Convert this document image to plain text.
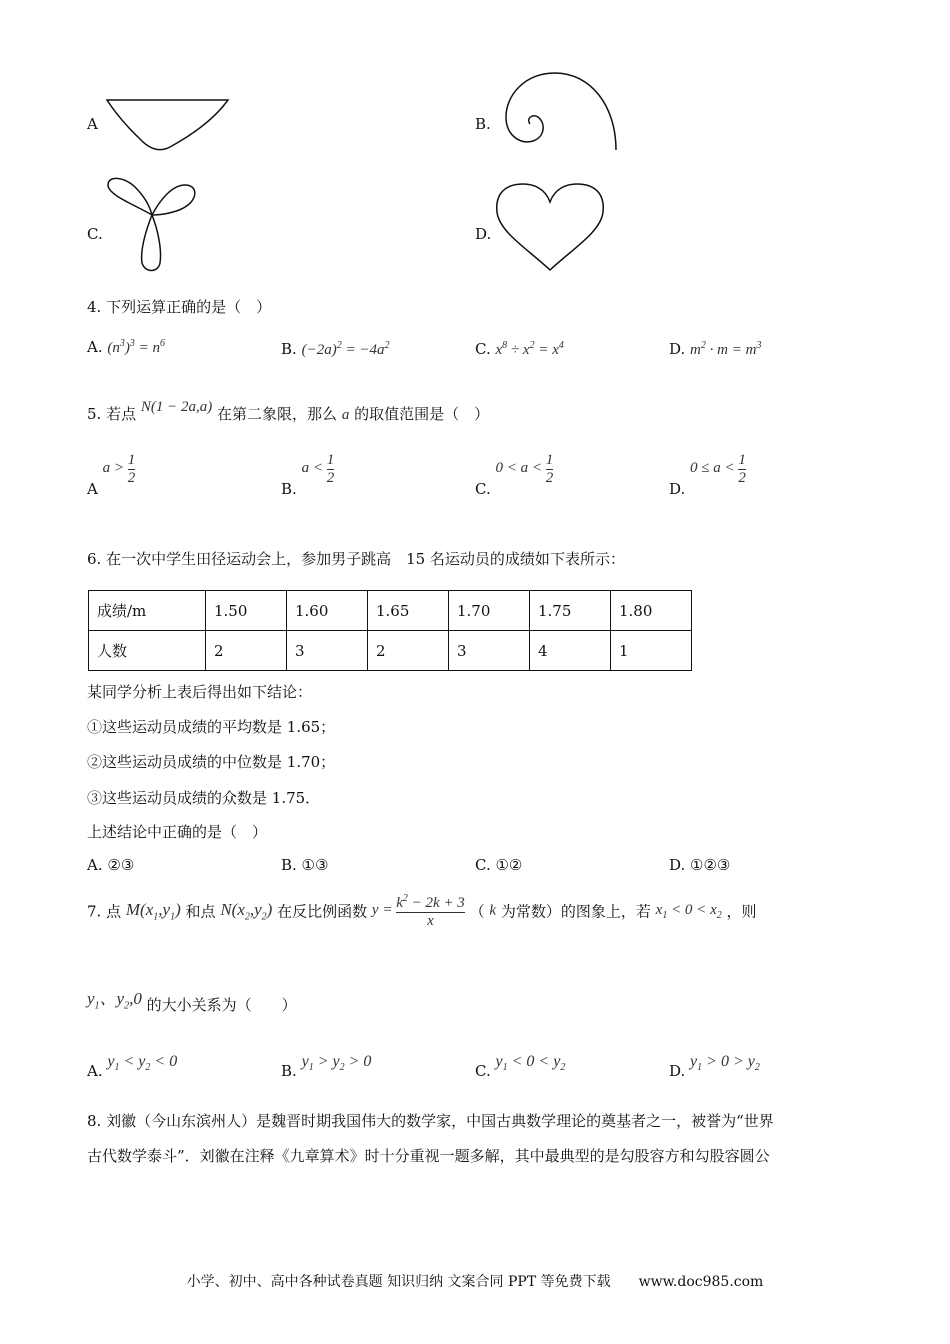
A	B.
C.	D.
4. 下列运算正确的是（　）
A. $(n^3)^3 = n^6$	B. $(-2a)^2 = -4a^2$	C. $x^8 \div x^2 = x^4$	D. $m^2 \cdot m = m^3$
5. 若点 N(1 − 2a,a) 在第二象限，那么 a 的取值范围是（　）
A $a > \frac{1}{2}$
B. $a < \frac{1}{2}$
C. $0 < a < \frac{1}{2}$
D. $0 \le a < \frac{1}{2}$
6. 在一次中学生田径运动会上，参加男子跳高　15 名运动员的成绩如下表所示：
成绩/m	1.50	1.60	1.65	1.70	1.75	1.80
人数	2	3	2	3	4	1
某同学分析上表后得出如下结论：
①这些运动员成绩的平均数是 1.65；
②这些运动员成绩的中位数是 1.70；
③这些运动员成绩的众数是 1.75．
上述结论中正确的是（　）
A. ②③	B. ①③	C. ①②	D. ①②③
7. 点 $M(x_1,y_1)$ 和点 $N(x_2,y_2)$ 在反比例函数 $y = \frac{k^2 - 2k + 3}{x}$ （ k 为常数）的图象上，若 $x_1 < 0 < x_2$ ，则
$y_1$、$y_2,0$ 的大小关系为（　　）
A. $y_1 < y_2 < 0$
B. $y_1 > y_2 > 0$
C. $y_1 < 0 < y_2$	D. $y_1 > 0 > y_2$
8. 刘徽（今山东滨州人）是魏晋时期我国伟大的数学家，中国古典数学理论的奠基者之一，被誉为“世界
古代数学泰斗”．刘徽在注释《九章算术》时十分重视一题多解，其中最典型的是勾股容方和勾股容圆公
小学、初中、高中各种试卷真题 知识归纳 文案合同 PPT 等免费下载　　www.doc985.com
